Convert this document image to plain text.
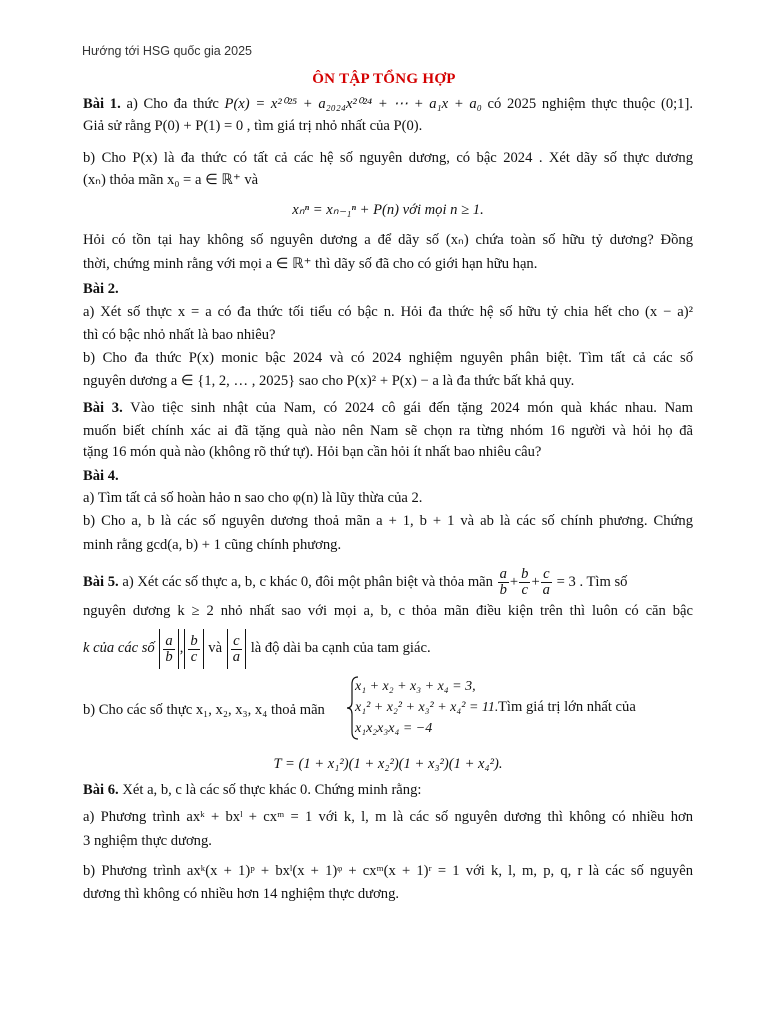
Hướng tới HSG quốc gia 2025
ÔN TẬP TỔNG HỢP
Bài 1. a) Cho đa thức P(x) = x²⁰²⁵ + a₂₀₂₄x²⁰²⁴ + ⋯ + a₁x + a₀ có 2025 nghiệm thực thuộc (0;1].
Giả sử rằng P(0) + P(1) = 0 , tìm giá trị nhỏ nhất của P(0).
b) Cho P(x) là đa thức có tất cả các hệ số nguyên dương, có bậc 2024 . Xét dãy số thực dương
(xₙ) thỏa mãn x₀ = a ∈ ℝ⁺ và
xₙⁿ = xₙ₋₁ⁿ + P(n) với mọi n ≥ 1.
Hỏi có tồn tại hay không số nguyên dương a để dãy số (xₙ) chứa toàn số hữu tỷ dương? Đồng
thời, chứng minh rằng với mọi a ∈ ℝ⁺ thì dãy số đã cho có giới hạn hữu hạn.
Bài 2.
a) Xét số thực x = a có đa thức tối tiểu có bậc n. Hỏi đa thức hệ số hữu tỷ chia hết cho (x − a)²
thì có bậc nhỏ nhất là bao nhiêu?
b) Cho đa thức P(x) monic bậc 2024 và có 2024 nghiệm nguyên phân biệt. Tìm tất cả các số
nguyên dương a ∈ {1, 2, … , 2025} sao cho P(x)² + P(x) − a là đa thức bất khả quy.
Bài 3. Vào tiệc sinh nhật của Nam, có 2024 cô gái đến tặng 2024 món quà khác nhau. Nam
muốn biết chính xác ai đã tặng quà nào nên Nam sẽ chọn ra từng nhóm 16 người và hỏi họ đã
tặng 16 món quà nào (không rõ thứ tự). Hỏi bạn cần hỏi ít nhất bao nhiêu câu?
Bài 4.
a) Tìm tất cả số hoàn hảo n sao cho φ(n) là lũy thừa của 2.
b) Cho a, b là các số nguyên dương thoả mãn a + 1, b + 1 và ab là các số chính phương. Chứng
minh rằng gcd(a, b) + 1 cũng chính phương.
Bài 5. a) Xét các số thực a, b, c khác 0, đôi một phân biệt và thỏa mãn $\frac{a}{b} + \frac{b}{c} + \frac{c}{a} = 3$ . Tìm số
nguyên dương k ≥ 2 nhỏ nhất sao với mọi a, b, c thỏa mãn điều kiện trên thì luôn có căn bậc
k của các số $\frac{a}{b}$ , $\frac{b}{c}$ và $\frac{c}{a}$ là độ dài ba cạnh của tam giác.
b) Cho các số thực x₁, x₂, x₃, x₄ thoả mãn
x₁ + x₂ + x₃ + x₄ = 3,
x₁² + x₂² + x₃² + x₄² = 11.
x₁x₂x₃x₄ = −4
Tìm giá trị lớn nhất của
T = (1 + x₁²)(1 + x₂²)(1 + x₃²)(1 + x₄²).
Bài 6. Xét a, b, c là các số thực khác 0. Chứng minh rằng:
a) Phương trình axᵏ + bxˡ + cxᵐ = 1 với k, l, m là các số nguyên dương thì không có nhiều hơn
3 nghiệm thực dương.
b) Phương trình axᵏ(x + 1)ᵖ + bxˡ(x + 1)ᵠ + cxᵐ(x + 1)ʳ = 1 với k, l, m, p, q, r là các số nguyên
dương thì không có nhiều hơn 14 nghiệm thực dương.
